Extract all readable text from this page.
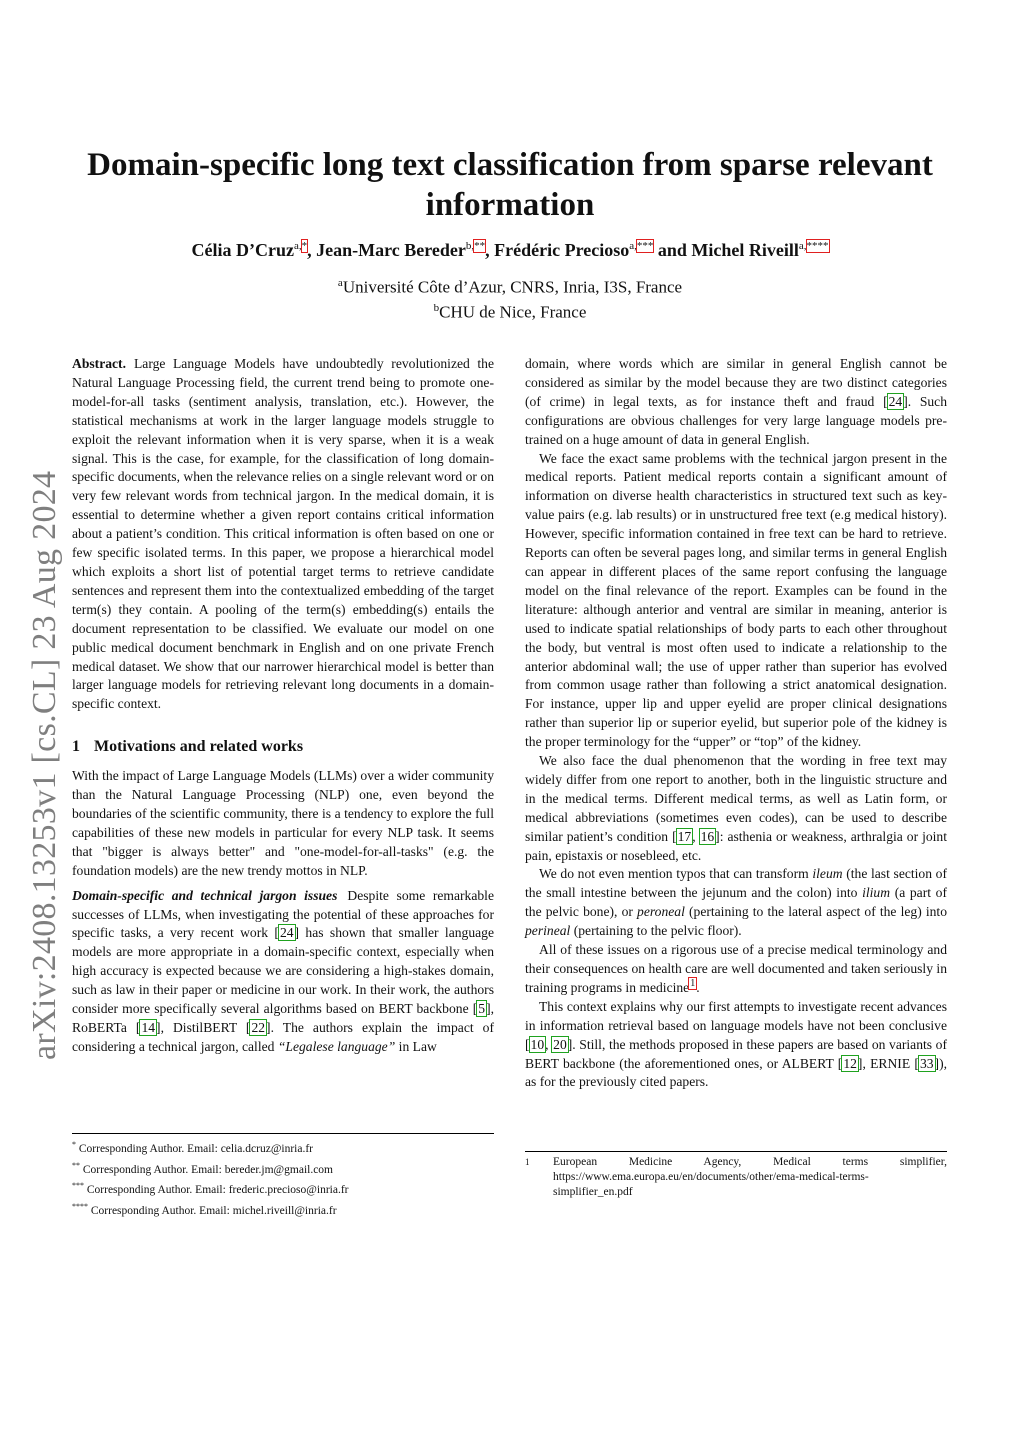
arXiv:2408.13253v1 [cs.CL] 23 Aug 2024
Domain-specific long text classification from sparse relevant information
Célia D’Cruz$^{a,*}$, Jean-Marc Bereder$^{b,**}$, Frédéric Precioso$^{a,***}$ and Michel Riveill$^{a,****}$
$^a$Université Côte d’Azur, CNRS, Inria, I3S, France
$^b$CHU de Nice, France

Abstract. Large Language Models have undoubtedly revolutionized the Natural Language Processing field, the current trend being to promote one-model-for-all tasks (sentiment analysis, translation, etc.). However, the statistical mechanisms at work in the larger language models struggle to exploit the relevant information when it is very sparse, when it is a weak signal. This is the case, for example, for the classification of long domain-specific documents, when the relevance relies on a single relevant word or on very few relevant words from technical jargon. In the medical domain, it is essential to determine whether a given report contains critical information about a patient’s condition. This critical information is often based on one or few specific isolated terms. In this paper, we propose a hierarchical model which exploits a short list of potential target terms to retrieve candidate sentences and represent them into the contextualized embedding of the target term(s) they contain. A pooling of the term(s) embedding(s) entails the document representation to be classified. We evaluate our model on one public medical document benchmark in English and on one private French medical dataset. We show that our narrower hierarchical model is better than larger language models for retrieving relevant long documents in a domain-specific context.

1 Motivations and related works

With the impact of Large Language Models (LLMs) over a wider community than the Natural Language Processing (NLP) one, even beyond the boundaries of the scientific community, there is a tendency to explore the full capabilities of these new models in particular for every NLP task. It seems that "bigger is always better" and "one-model-for-all-tasks" (e.g. the foundation models) are the new trendy mottos in NLP.

Domain-specific and technical jargon issues Despite some remarkable successes of LLMs, when investigating the potential of these approaches for specific tasks, a very recent work [24] has shown that smaller language models are more appropriate in a domain-specific context, especially when high accuracy is expected because we are considering a high-stakes domain, such as law in their paper or medicine in our work. In their work, the authors consider more specifically several algorithms based on BERT backbone [5], RoBERTa [14], DistilBERT [22]. The authors explain the impact of considering a technical jargon, called “Legalese language” in Law

domain, where words which are similar in general English cannot be considered as similar by the model because they are two distinct categories (of crime) in legal texts, as for instance theft and fraud [24]. Such configurations are obvious challenges for very large language models pre-trained on a huge amount of data in general English.

We face the exact same problems with the technical jargon present in the medical reports. Patient medical reports contain a significant amount of information on diverse health characteristics in structured text such as key-value pairs (e.g. lab results) or in unstructured free text (e.g medical history). However, specific information contained in free text can be hard to retrieve. Reports can often be several pages long, and similar terms in general English can appear in different places of the same report confusing the language model on the final relevance of the report. Examples can be found in the literature: although anterior and ventral are similar in meaning, anterior is used to indicate spatial relationships of body parts to each other throughout the body, but ventral is most often used to indicate a relationship to the anterior abdominal wall; the use of upper rather than superior has evolved from common usage rather than following a strict anatomical designation. For instance, upper lip and upper eyelid are proper clinical designations rather than superior lip or superior eyelid, but superior pole of the kidney is the proper terminology for the “upper” or “top” of the kidney.

We also face the dual phenomenon that the wording in free text may widely differ from one report to another, both in the linguistic structure and in the medical terms. Different medical terms, as well as Latin form, or medical abbreviations (sometimes even codes), can be used to describe similar patient’s condition [17, 16]: asthenia or weakness, arthralgia or joint pain, epistaxis or nosebleed, etc.

We do not even mention typos that can transform ileum (the last section of the small intestine between the jejunum and the colon) into ilium (a part of the pelvic bone), or peroneal (pertaining to the lateral aspect of the leg) into perineal (pertaining to the pelvic floor).

All of these issues on a rigorous use of a precise medical terminology and their consequences on health care are well documented and taken seriously in training programs in medicine$^1$.

This context explains why our first attempts to investigate recent advances in information retrieval based on language models have not been conclusive [10, 20]. Still, the methods proposed in these papers are based on variants of BERT backbone (the aforementioned ones, or ALBERT [12], ERNIE [33]), as for the previously cited papers.

* Corresponding Author. Email: celia.dcruz@inria.fr
** Corresponding Author. Email: bereder.jm@gmail.com
*** Corresponding Author. Email: frederic.precioso@inria.fr
**** Corresponding Author. Email: michel.riveill@inria.fr
1	European Medicine Agency, Medical terms simplifier, https://www.ema.europa.eu/en/documents/other/ema-medical-terms-simplifier_en.pdf
